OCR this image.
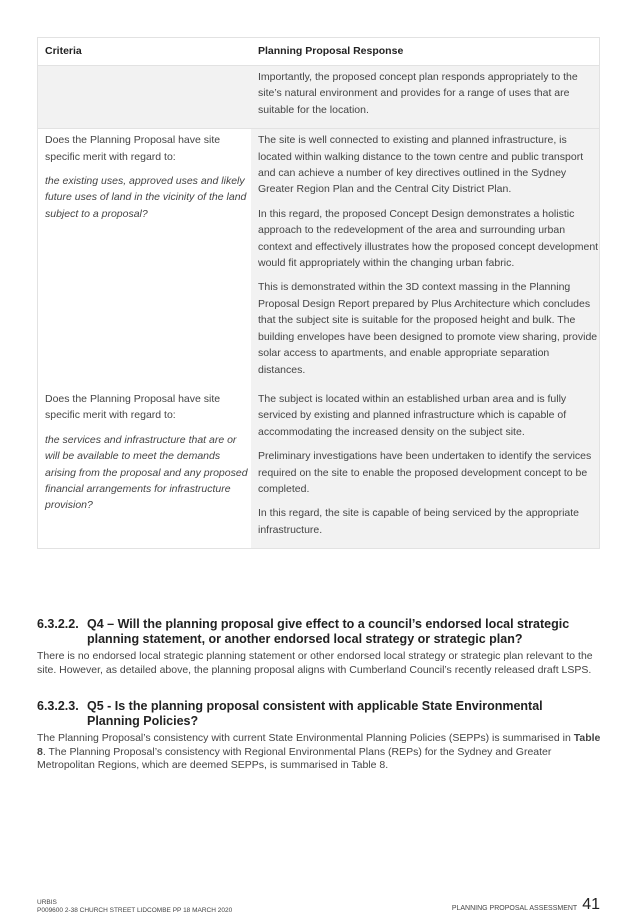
Criteria	Planning Proposal Response

Importantly, the proposed concept plan responds appropriately to the site’s natural environment and provides for a range of uses that are suitable for the location.

Does the Planning Proposal have site specific merit with regard to:

the existing uses, approved uses and likely future uses of land in the vicinity of the land subject to a proposal?

The site is well connected to existing and planned infrastructure, is located within walking distance to the town centre and public transport and can achieve a number of key directives outlined in the Sydney Greater Region Plan and the Central City District Plan.

In this regard, the proposed Concept Design demonstrates a holistic approach to the redevelopment of the area and surrounding urban context and effectively illustrates how the proposed concept development would fit appropriately within the changing urban fabric.

This is demonstrated within the 3D context massing in the Planning Proposal Design Report prepared by Plus Architecture which concludes that the subject site is suitable for the proposed height and bulk. The building envelopes have been designed to promote view sharing, provide solar access to apartments, and enable appropriate separation distances.

Does the Planning Proposal have site specific merit with regard to:

the services and infrastructure that are or will be available to meet the demands arising from the proposal and any proposed financial arrangements for infrastructure provision?

The subject is located within an established urban area and is fully serviced by existing and planned infrastructure which is capable of accommodating the increased density on the subject site.

Preliminary investigations have been undertaken to identify the services required on the site to enable the proposed development concept to be completed.

In this regard, the site is capable of being serviced by the appropriate infrastructure.

6.3.2.2. Q4 – Will the planning proposal give effect to a council’s endorsed local strategic planning statement, or another endorsed local strategy or strategic plan?

There is no endorsed local strategic planning statement or other endorsed local strategy or strategic plan relevant to the site. However, as detailed above, the planning proposal aligns with Cumberland Council’s recently released draft LSPS.

6.3.2.3. Q5 - Is the planning proposal consistent with applicable State Environmental Planning Policies?

The Planning Proposal’s consistency with current State Environmental Planning Policies (SEPPs) is summarised in Table 8. The Planning Proposal’s consistency with Regional Environmental Plans (REPs) for the Sydney and Greater Metropolitan Regions, which are deemed SEPPs, is summarised in Table 8.

URBIS
P009600 2-38 CHURCH STREET LIDCOMBE PP 18 MARCH 2020	PLANNING PROPOSAL ASSESSMENT 41
